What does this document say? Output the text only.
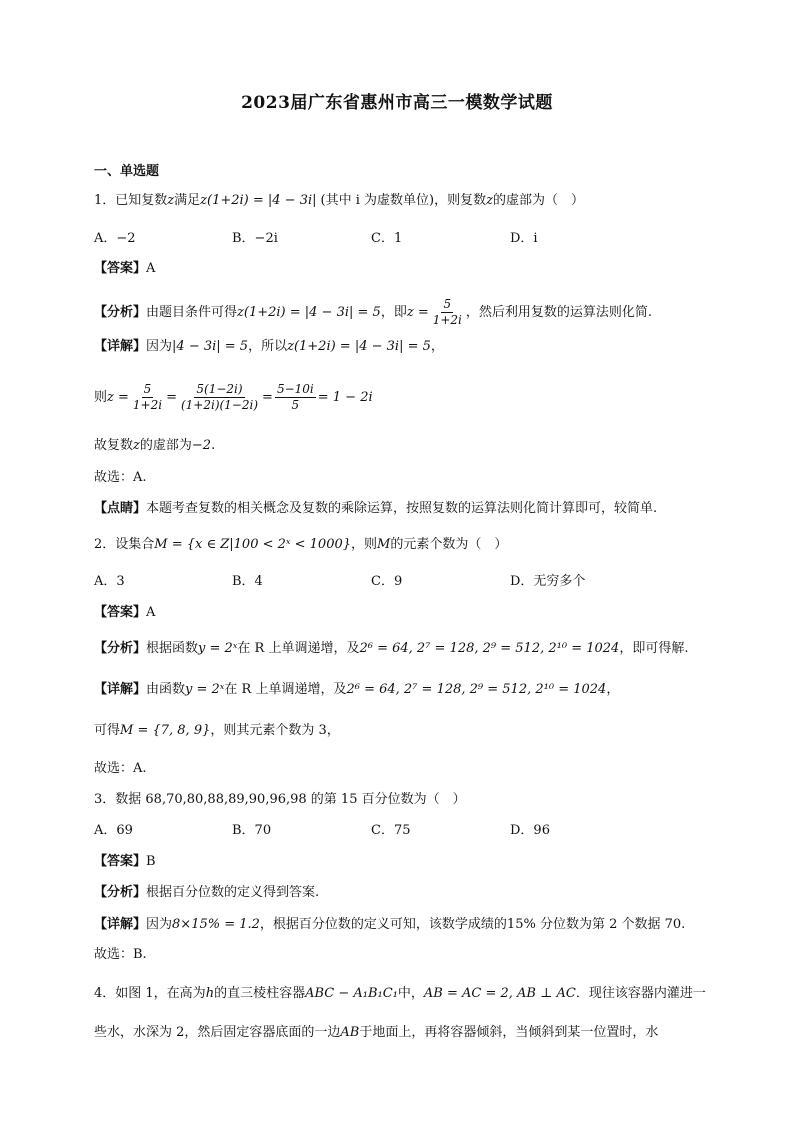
2023届广东省惠州市高三一模数学试题
一、单选题
1．已知复数z满足z(1+2i) = |4 − 3i| (其中 i 为虚数单位)，则复数z的虚部为（　）
A．−2	B．−2i	C．1	D．i
【答案】A
【分析】由题目条件可得z(1+2i) = |4 − 3i| = 5，即$z = \frac{5}{1+2i}$ ，然后利用复数的运算法则化简.
【详解】因为|4 − 3i| = 5，所以z(1+2i) = |4 − 3i| = 5，
则$z = \frac{5}{1+2i} = \frac{5(1-2i)}{(1+2i)(1-2i)} = \frac{5-10i}{5} = 1 - 2i$
故复数z的虚部为−2.
故选：A.
【点睛】本题考查复数的相关概念及复数的乘除运算，按照复数的运算法则化简计算即可，较简单.
2．设集合M = {x ∈ Z|100 < 2ˣ < 1000}，则M的元素个数为（　）
A．3	B．4	C．9	D．无穷多个
【答案】A
【分析】根据函数y = 2ˣ在 R 上单调递增，及2⁶ = 64, 2⁷ = 128, 2⁹ = 512, 2¹⁰ = 1024，即可得解.
【详解】由函数y = 2ˣ在 R 上单调递增，及2⁶ = 64, 2⁷ = 128, 2⁹ = 512, 2¹⁰ = 1024，
可得M = {7, 8, 9}，则其元素个数为 3，
故选：A.
3．数据 68,70,80,88,89,90,96,98 的第 15 百分位数为（　）
A．69	B．70	C．75	D．96
【答案】B
【分析】根据百分位数的定义得到答案.
【详解】因为8×15% = 1.2，根据百分位数的定义可知，该数学成绩的15% 分位数为第 2 个数据 70.
故选：B.
4．如图 1，在高为h的直三棱柱容器ABC − A₁B₁C₁中，AB = AC = 2, AB ⊥ AC．现往该容器内灌进一
些水，水深为 2，然后固定容器底面的一边AB于地面上，再将容器倾斜，当倾斜到某一位置时，水
